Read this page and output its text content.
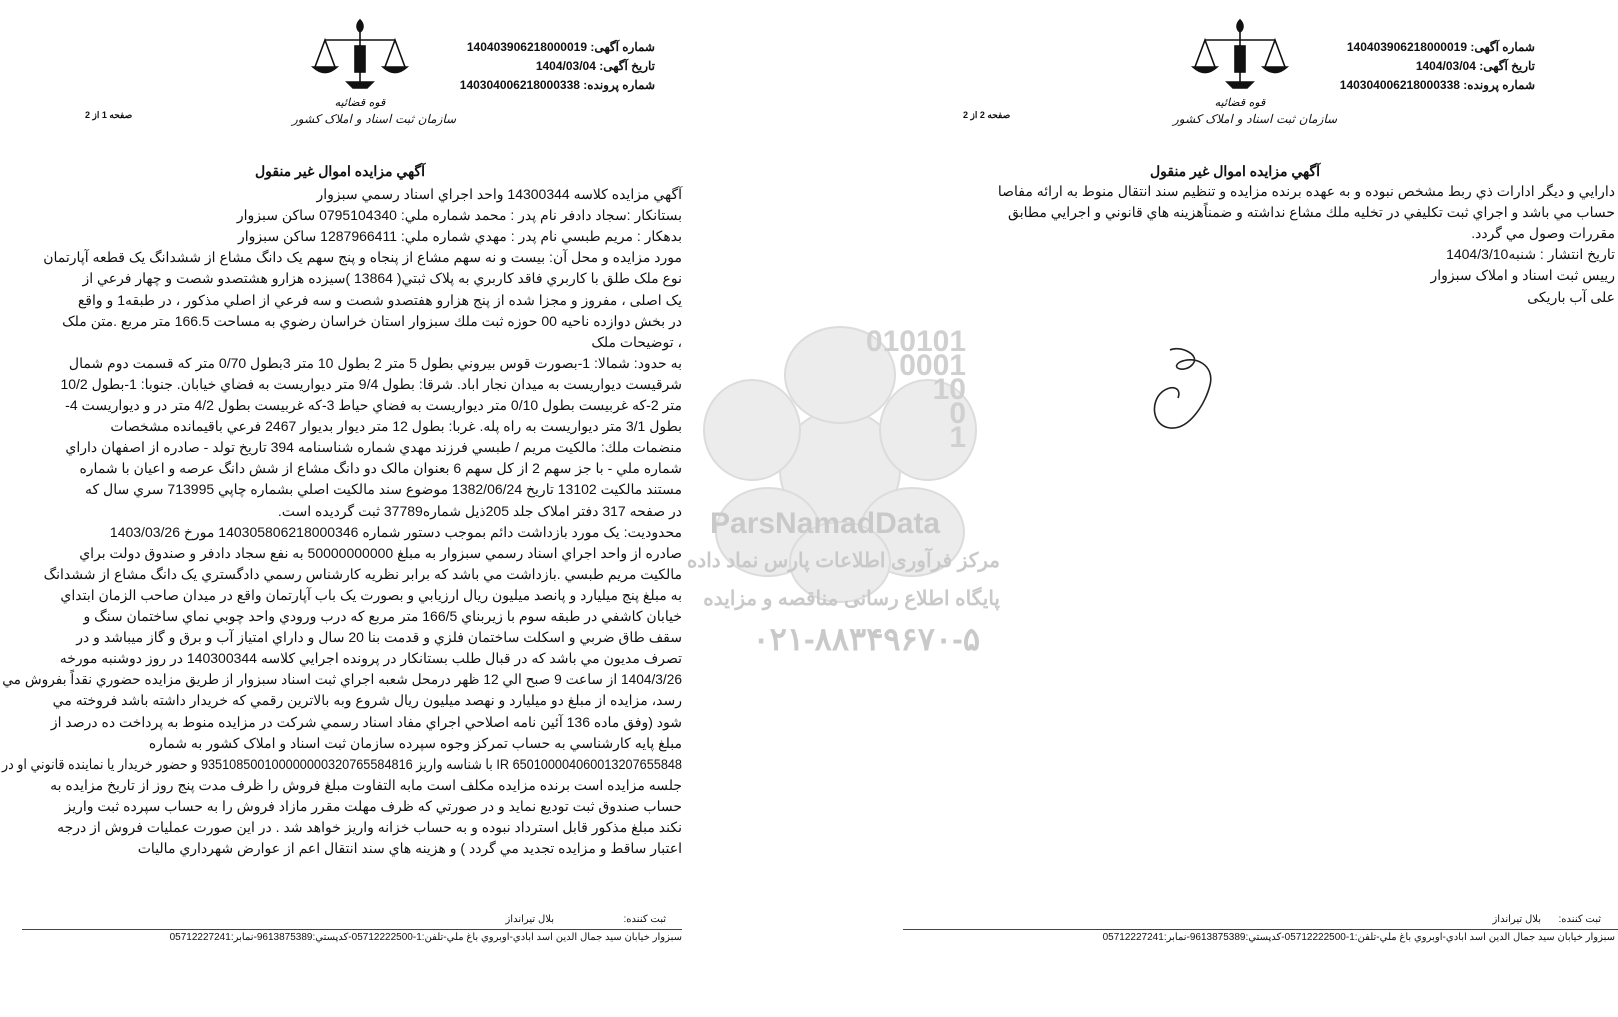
قوه قضائیه
سازمان ثبت اسناد و املاک کشور
شماره آگهی: 140403906218000019
تاریخ آگهی: 1404/03/04
شماره پرونده: 140304006218000338
صفحه 1 از 2
آگهي مزايده اموال غير منقول
آگهي مزايده كلاسه 14300344 واحد اجراي اسناد رسمي سبزوار
بستانكار :سجاد دادفر نام پدر : محمد شماره ملي: 0795104340 ساكن سبزوار
بدهكار : مريم طبسي نام پدر : مهدي شماره ملي: 1287966411 ساكن سبزوار
مورد مزايده و محل آن: بيست و نه سهم مشاع از پنجاه و پنج سهم يک دانگ مشاع از ششدانگ يک قطعه آپارتمان
نوع ملک طلق با كاربري فاقد كاربري به پلاک ثبتي( 13864 )سيزده هزارو هشتصدو شصت و چهار فرعي از
يک اصلی ، مفروز و مجزا شده از پنج هزارو هفتصدو شصت و سه فرعي از اصلي مذکور ، در طبقه1 و واقع
در بخش دوازده ناحيه 00 حوزه ثبت ملك سبزوار استان خراسان رضوي به مساحت 166.5 متر مربع .متن ملک
، توضيحات ملک
به حدود: شمالا: 1-بصورت قوس بيروني بطول 5 متر 2 بطول 10 متر 3بطول 0/70 متر که قسمت دوم شمال
شرقيست ديواريست به ميدان نجار اباد. شرقا: بطول 9/4 متر ديواريست به فضاي خيابان. جنوبا: 1-بطول 10/2
متر 2-كه غربيست بطول 0/10 متر ديواريست به فضاي حياط 3-كه غربيست بطول 4/2 متر در و ديواريست 4-
بطول 3/1 متر ديواريست به راه پله. غربا: بطول 12 متر ديوار بديوار 2467 فرعي باقيمانده مشخصات
منضمات ملك: مالكيت مريم / طبسي فرزند مهدي شماره شناسنامه 394 تاريخ تولد - صادره از اصفهان داراي
شماره ملي - با جز سهم 2 از كل سهم 6 بعنوان مالک دو دانگ مشاع از شش دانگ عرصه و اعيان با شماره
مستند مالكيت 13102 تاريخ 1382/06/24 موضوع سند مالكيت اصلي بشماره چاپي 713995 سري سال كه
در صفحه 317 دفتر املاک جلد 205ذيل شماره37789 ثبت گرديده است.
محدوديت: يک مورد بازداشت دائم بموجب دستور شماره 140305806218000346 مورخ 1403/03/26
صادره از واحد اجراي اسناد رسمي سبزوار به مبلغ 50000000000 به نفع سجاد دادفر و صندوق دولت براي
مالكيت مريم طبسي .بازداشت مي باشد كه برابر نظريه كارشناس رسمي دادگستري يک دانگ مشاع از ششدانگ
به مبلغ پنج ميليارد و پانصد ميليون ريال ارزيابي و بصورت يک باب آپارتمان واقع در ميدان صاحب الزمان ابتداي
خيابان كاشفي در طبقه سوم با زيربناي 166/5 متر مربع كه درب ورودي واحد چوبي نماي ساختمان سنگ و
سقف طاق ضربي و اسكلت ساختمان فلزي و قدمت بنا 20 سال و داراي امتياز آب و برق و گاز ميباشد و در
تصرف مديون مي باشد كه در قبال طلب بستانكار در پرونده اجرايي كلاسه 140300344 در روز دوشنبه مورخه
1404/3/26 از ساعت 9 صبح الي 12 ظهر درمحل شعبه اجراي ثبت اسناد سبزوار از طريق مزايده حضوري نقداً بفروش مي
رسد، مزايده از مبلغ دو ميليارد و نهصد ميليون ريال شروع وبه بالاترين رقمي كه خريدار داشته باشد فروخته مي
شود (وفق ماده 136 آئين نامه اصلاحي اجراي مفاد اسناد رسمي شرکت در مزايده منوط به پرداخت ده درصد از
مبلغ پايه كارشناسي به حساب تمركز وجوه سپرده سازمان ثبت اسناد و املاک كشور به شماره
IR 650100004060013207655848 با شناسه واريز 935108500100000000320765584816 و حضور خريدار يا نماينده قانوني او در
جلسه مزايده است برنده مزايده مكلف است مابه التفاوت مبلغ فروش را ظرف مدت پنج روز از تاريخ مزايده به
حساب صندوق ثبت توديع نمايد و در صورتي كه ظرف مهلت مقرر مازاد فروش را به حساب سپرده ثبت واريز
نكند مبلغ مذكور قابل استرداد نبوده و به حساب خزانه واريز خواهد شد . در اين صورت عمليات فروش از درجه
اعتبار ساقط و مزايده تجديد مي گردد ) و هزينه هاي سند انتقال اعم از عوارض شهرداري ماليات
ثبت کننده:
بلال تيرانداز
سبزوار خيابان سيد جمال الدين اسد ابادي-اوبروي باغ ملي-تلفن:1-05712222500-كدپستي:9613875389-نمابر:05712227241
قوه قضائیه
سازمان ثبت اسناد و املاک کشور
شماره آگهی: 140403906218000019
تاریخ آگهی: 1404/03/04
شماره پرونده: 140304006218000338
صفحه 2 از 2
آگهي مزايده اموال غير منقول
دارايي و ديگر ادارات ذي ربط مشخص نبوده و به عهده برنده مزايده و تنظيم سند انتقال منوط به ارائه مفاصا
حساب مي باشد و اجراي ثبت تكليفي در تخليه ملك مشاع نداشته و ضمناًهزينه هاي قانوني و اجرايي مطابق
مقررات وصول مي گردد.
تاريخ انتشار : شنبه1404/3/10
رييس ثبت اسناد و املاک سبزوار
علی آب باريكی
ثبت کننده:
بلال تيرانداز
سبزوار خيابان سيد جمال الدين اسد ابادي-اوبروي باغ ملي-تلفن:1-05712222500-كدپستي:9613875389-نمابر:05712227241
010101
0001
10
0
1
ParsNamadData
مرکز فرآوری اطلاعات پارس نماد داده
پایگاه اطلاع رسانی مناقصه و مزایده
۰۲۱-۸۸۳۴۹۶۷۰-۵
